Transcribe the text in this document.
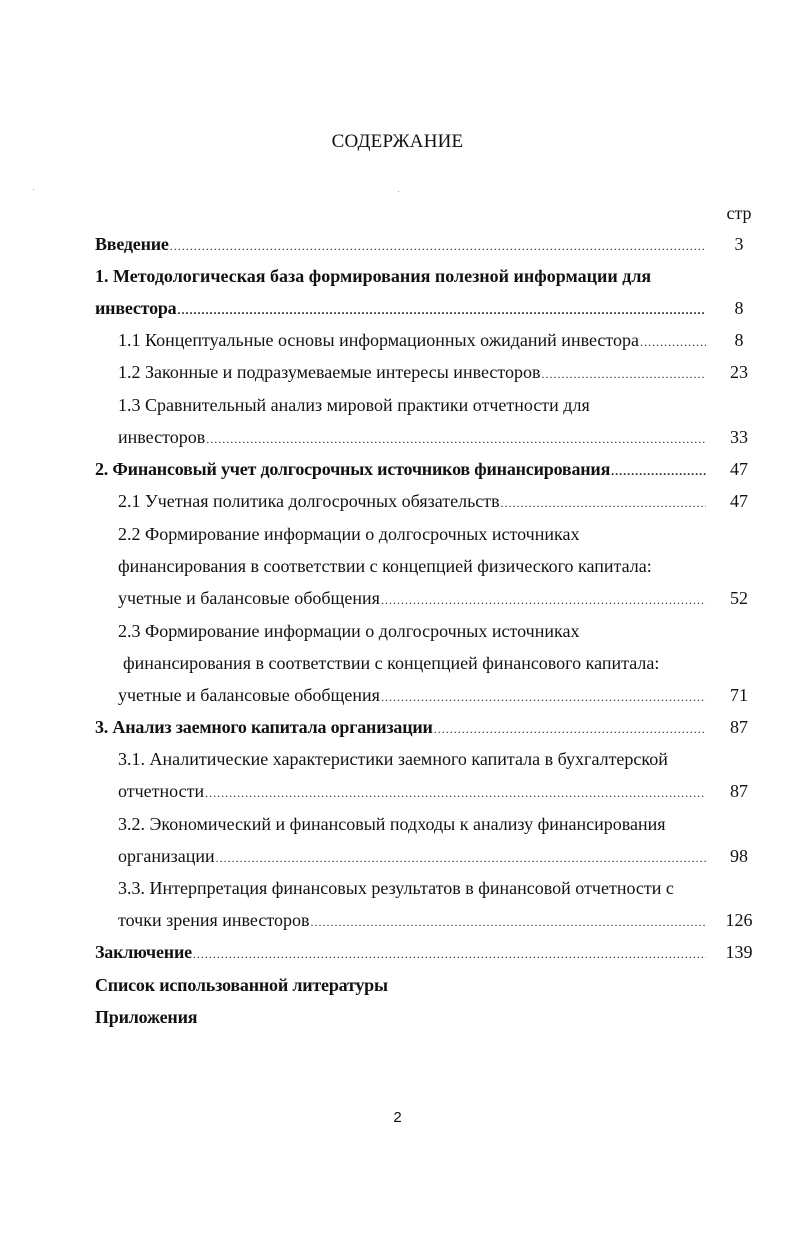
СОДЕРЖАНИЕ
стр
Введение .....	3
1. Методологическая база формирования полезной информации для
инвестора .....	8
1.1 Концептуальные основы информационных ожиданий инвестора .....	8
1.2 Законные и подразумеваемые интересы инвесторов .....	23
1.3 Сравнительный анализ мировой практики отчетности для
инвесторов .....	33
2. Финансовый учет долгосрочных источников финансирования .....	47
2.1 Учетная политика долгосрочных обязательств .....	47
2.2 Формирование информации о долгосрочных источниках
финансирования в соответствии с концепцией физического капитала:
учетные и балансовые обобщения .....	52
2.3 Формирование информации о долгосрочных источниках
финансирования в соответствии с концепцией финансового капитала:
учетные и балансовые обобщения .....	71
3. Анализ заемного капитала организации .....	87
3.1. Аналитические характеристики заемного капитала в бухгалтерской
отчетности .....	87
3.2. Экономический и финансовый подходы к анализу финансирования
организации .....	98
3.3. Интерпретация финансовых результатов в финансовой отчетности с
точки зрения инвесторов .....	126
Заключение .....	139
Список использованной литературы
Приложения
2
